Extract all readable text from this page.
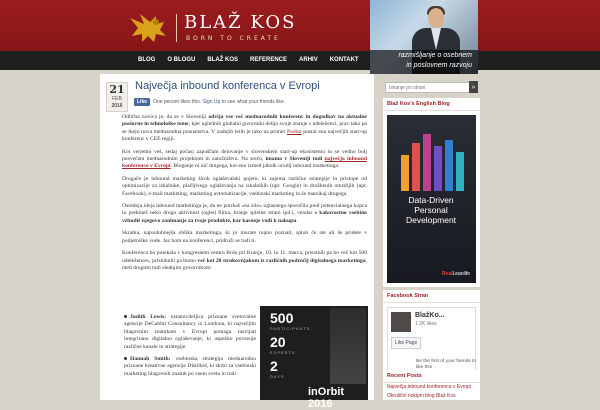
BLAŽ KOS
BORN TO CREATE
BLOG	O BLOGU	BLAŽ KOS	REFERENCE	ARHIV	KONTAKT
razmišljanje o osebnem
in poslovnem razvoju
21
FEB
2016
Največja inbound konferenca v Evropi
Like	One person likes this. Sign Up to see what your friends like.

Odlična novica je, da se v Sloveniji odvija vse več mednarodnih konferenc in dogodkov na aktualne poslovne in tehnološke teme, kjer uglednih globalni govorniki delijo svoje znanje z udeleženci, prav tako pa se tkejo nova mednarodna poznanstva. V zadnjih letih je tako na primer Podim postal ena največjih start-up konferenc v CEE regiji.

Kot verjetno veš, sedaj počasi zapuščam delovanje v slovenskem start-up ekosistemu in se vedno bolj posvečam mednarodnim projektom in založništvu. Na srečo, imamo v Sloveniji tudi največjo inbound konferenco v Evropi. Bloganje ni nič drugega, kot eno izmed jabolk orodij inbound marketinga.

Drugače je inbound marketing širok oglaševalski pojem, ki zajema različne strategije in pristope od optimizacije za iskalnike, plačljivega oglaševanja na iskalnikih (npr. Google) in družbenih omrežjih (npr. Facebook), e-mail marketing, marketing avtomatizacije, vsebinski marketing in še marsikaj drugega.

Osrednja ideja inbound marketinga je, da ne potrkaš »na silo« oglasnega sporočila pred potencialnega kupca in prekineš neko drugo aktivnost (ogled filma, branje spletne strani ipd.), vendar s kakovostno vsebino vzbudiš njegovo zanimanje za tvoje produkte, kar kasneje vodi k nakupu.

Skratka, najsodobnejša oblika marketinga, ki jo morate nujno poznati, sploh če ste ali še pridete v podjetniške vode. Jaz bom na konferenci, pridruži se tudi ti.

Konferenca bo potekala v kongresnem centru Brdo pri Kranju, 10. in 11. marca, prisotnih pa bo več kot 500 udeležencev, prisluhnili pa bomo več kot 20 strokovnjakom iz različnih področij digitalnega marketinga, med drugimi tudi slednjim govornikom:

Judith Lewis: ustanoviteljica priznane svetovalne agencije DeCabbit Consultancy iz Londona, ki največjim blagovnim znamkam v Evropi pomaga razvijati integrirano digitalno oglaševanje, ki uspešno povezuje različne kanale in strategije.

Hannah Smith: vsebinska strategija mednarodno priznane kreativne agencije Distilled, ki skrbi za vsebinski marketing blagovnih znamk po vsem svetu in tudi

500
PARTICIPANTS
20
EXPERTS
2
DAYS
inOrbit 2016
Iskanje po strani
»
Blaž Kos's English Blog
Data-Driven Personal Development
RealLeanlife
Facebook Stran
BlažKo...
1.2K likes
Like Page
Be the first of your friends to like this
Recent Posts
Največja inbound konferenca v Evropi
Okrulični nokipni blog Blaž Kos
